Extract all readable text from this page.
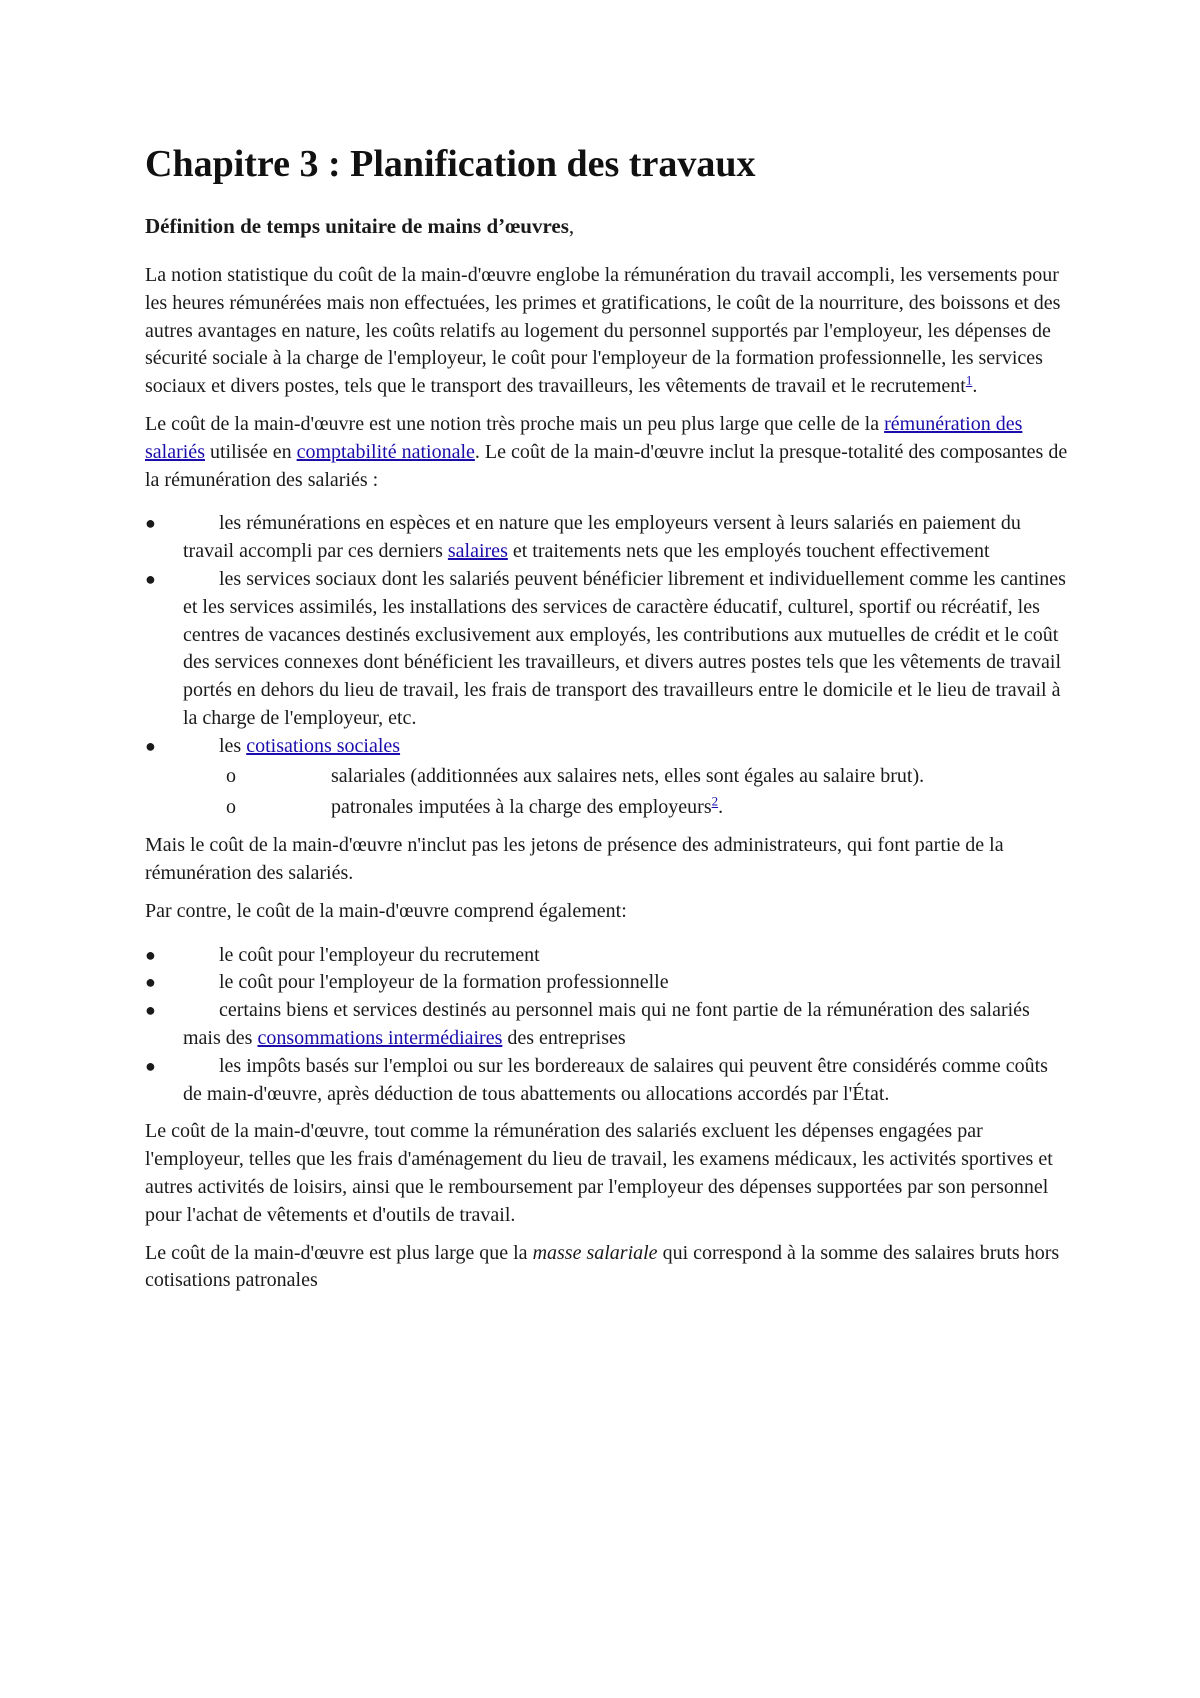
Chapitre 3 : Planification des travaux
Définition de temps unitaire de mains d’œuvres,

La notion statistique du coût de la main-d'œuvre englobe la rémunération du travail accompli, les versements pour les heures rémunérées mais non effectuées, les primes et gratifications, le coût de la nourriture, des boissons et des autres avantages en nature, les coûts relatifs au logement du personnel supportés par l'employeur, les dépenses de sécurité sociale à la charge de l'employeur, le coût pour l'employeur de la formation professionnelle, les services sociaux et divers postes, tels que le transport des travailleurs, les vêtements de travail et le recrutement$^1$.

Le coût de la main-d'œuvre est une notion très proche mais un peu plus large que celle de la rémunération des salariés utilisée en comptabilité nationale. Le coût de la main-d'œuvre inclut la presque-totalité des composantes de la rémunération des salariés :

●	les rémunérations en espèces et en nature que les employeurs versent à leurs salariés en paiement du travail accompli par ces derniers salaires et traitements nets que les employés touchent effectivement
●	les services sociaux dont les salariés peuvent bénéficier librement et individuellement comme les cantines et les services assimilés, les installations des services de caractère éducatif, culturel, sportif ou récréatif, les centres de vacances destinés exclusivement aux employés, les contributions aux mutuelles de crédit et le coût des services connexes dont bénéficient les travailleurs, et divers autres postes tels que les vêtements de travail portés en dehors du lieu de travail, les frais de transport des travailleurs entre le domicile et le lieu de travail à la charge de l'employeur, etc.
●	les cotisations sociales
o	salariales (additionnées aux salaires nets, elles sont égales au salaire brut).
o	patronales imputées à la charge des employeurs$^2$.

Mais le coût de la main-d'œuvre n'inclut pas les jetons de présence des administrateurs, qui font partie de la rémunération des salariés.

Par contre, le coût de la main-d'œuvre comprend également:

●	le coût pour l'employeur du recrutement
●	le coût pour l'employeur de la formation professionnelle
●	certains biens et services destinés au personnel mais qui ne font partie de la rémunération des salariés mais des consommations intermédiaires des entreprises
●	les impôts basés sur l'emploi ou sur les bordereaux de salaires qui peuvent être considérés comme coûts de main-d'œuvre, après déduction de tous abattements ou allocations accordés par l'État.

Le coût de la main-d'œuvre, tout comme la rémunération des salariés excluent les dépenses engagées par l'employeur, telles que les frais d'aménagement du lieu de travail, les examens médicaux, les activités sportives et autres activités de loisirs, ainsi que le remboursement par l'employeur des dépenses supportées par son personnel pour l'achat de vêtements et d'outils de travail.

Le coût de la main-d'œuvre est plus large que la masse salariale qui correspond à la somme des salaires bruts hors cotisations patronales
